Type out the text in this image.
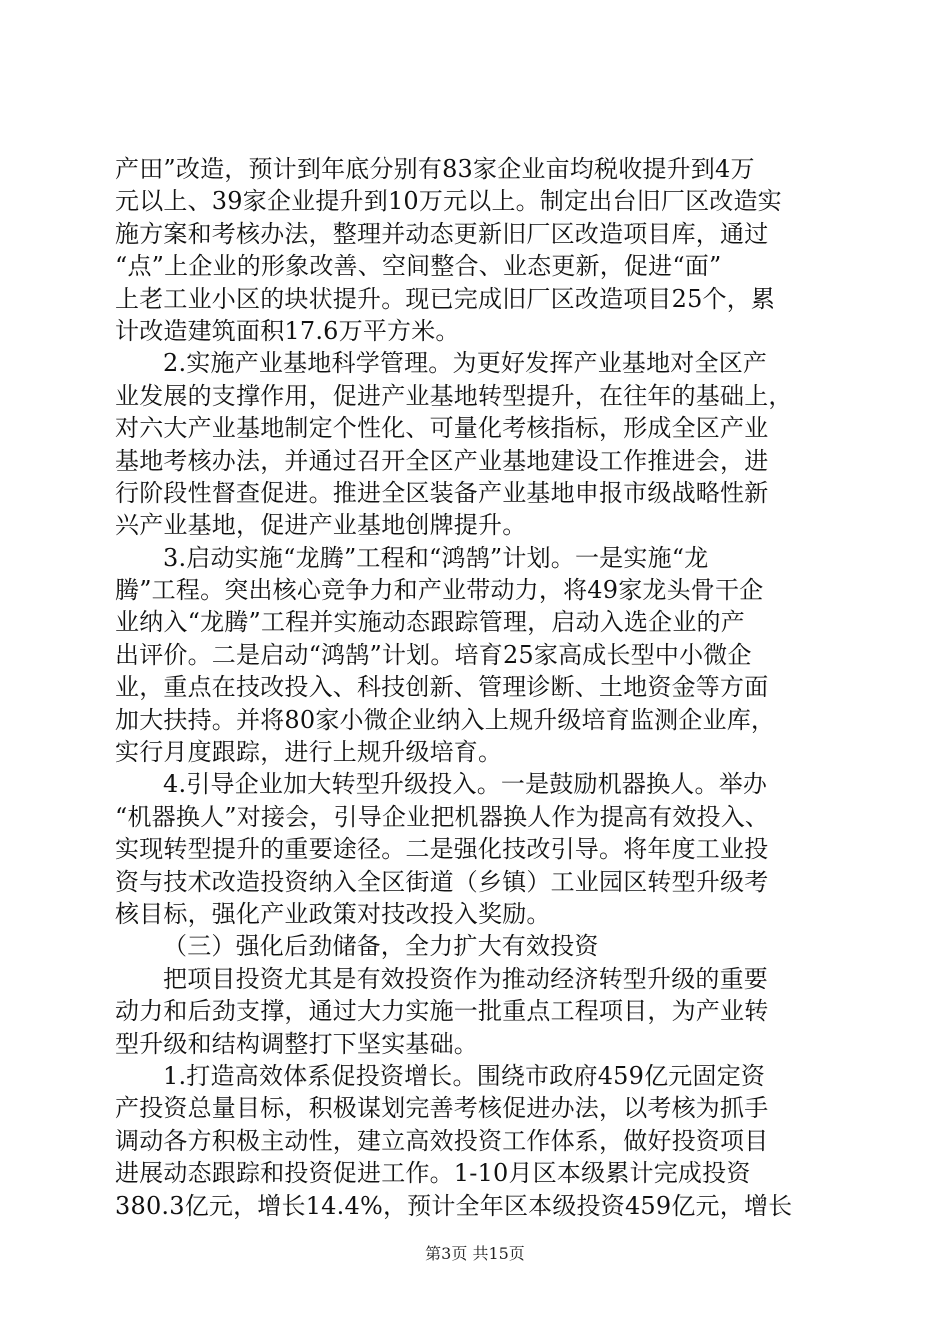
产田”改造，预计到年底分别有83家企业亩均税收提升到4万
元以上、39家企业提升到10万元以上。制定出台旧厂区改造实
施方案和考核办法，整理并动态更新旧厂区改造项目库，通过
“点”上企业的形象改善、空间整合、业态更新，促进“面”
上老工业小区的块状提升。现已完成旧厂区改造项目25个，累
计改造建筑面积17.6万平方米。
2.实施产业基地科学管理。为更好发挥产业基地对全区产
业发展的支撑作用，促进产业基地转型提升，在往年的基础上，
对六大产业基地制定个性化、可量化考核指标，形成全区产业
基地考核办法，并通过召开全区产业基地建设工作推进会，进
行阶段性督查促进。推进全区装备产业基地申报市级战略性新
兴产业基地，促进产业基地创牌提升。
3.启动实施“龙腾”工程和“鸿鹄”计划。一是实施“龙
腾”工程。突出核心竞争力和产业带动力，将49家龙头骨干企
业纳入“龙腾”工程并实施动态跟踪管理，启动入选企业的产
出评价。二是启动“鸿鹄”计划。培育25家高成长型中小微企
业，重点在技改投入、科技创新、管理诊断、土地资金等方面
加大扶持。并将80家小微企业纳入上规升级培育监测企业库，
实行月度跟踪，进行上规升级培育。
4.引导企业加大转型升级投入。一是鼓励机器换人。举办
“机器换人”对接会，引导企业把机器换人作为提高有效投入、
实现转型提升的重要途径。二是强化技改引导。将年度工业投
资与技术改造投资纳入全区街道（乡镇）工业园区转型升级考
核目标，强化产业政策对技改投入奖励。
（三）强化后劲储备，全力扩大有效投资
把项目投资尤其是有效投资作为推动经济转型升级的重要
动力和后劲支撑，通过大力实施一批重点工程项目，为产业转
型升级和结构调整打下坚实基础。
1.打造高效体系促投资增长。围绕市政府459亿元固定资
产投资总量目标，积极谋划完善考核促进办法，以考核为抓手
调动各方积极主动性，建立高效投资工作体系，做好投资项目
进展动态跟踪和投资促进工作。1-10月区本级累计完成投资
380.3亿元，增长14.4%，预计全年区本级投资459亿元，增长
第3页 共15页
